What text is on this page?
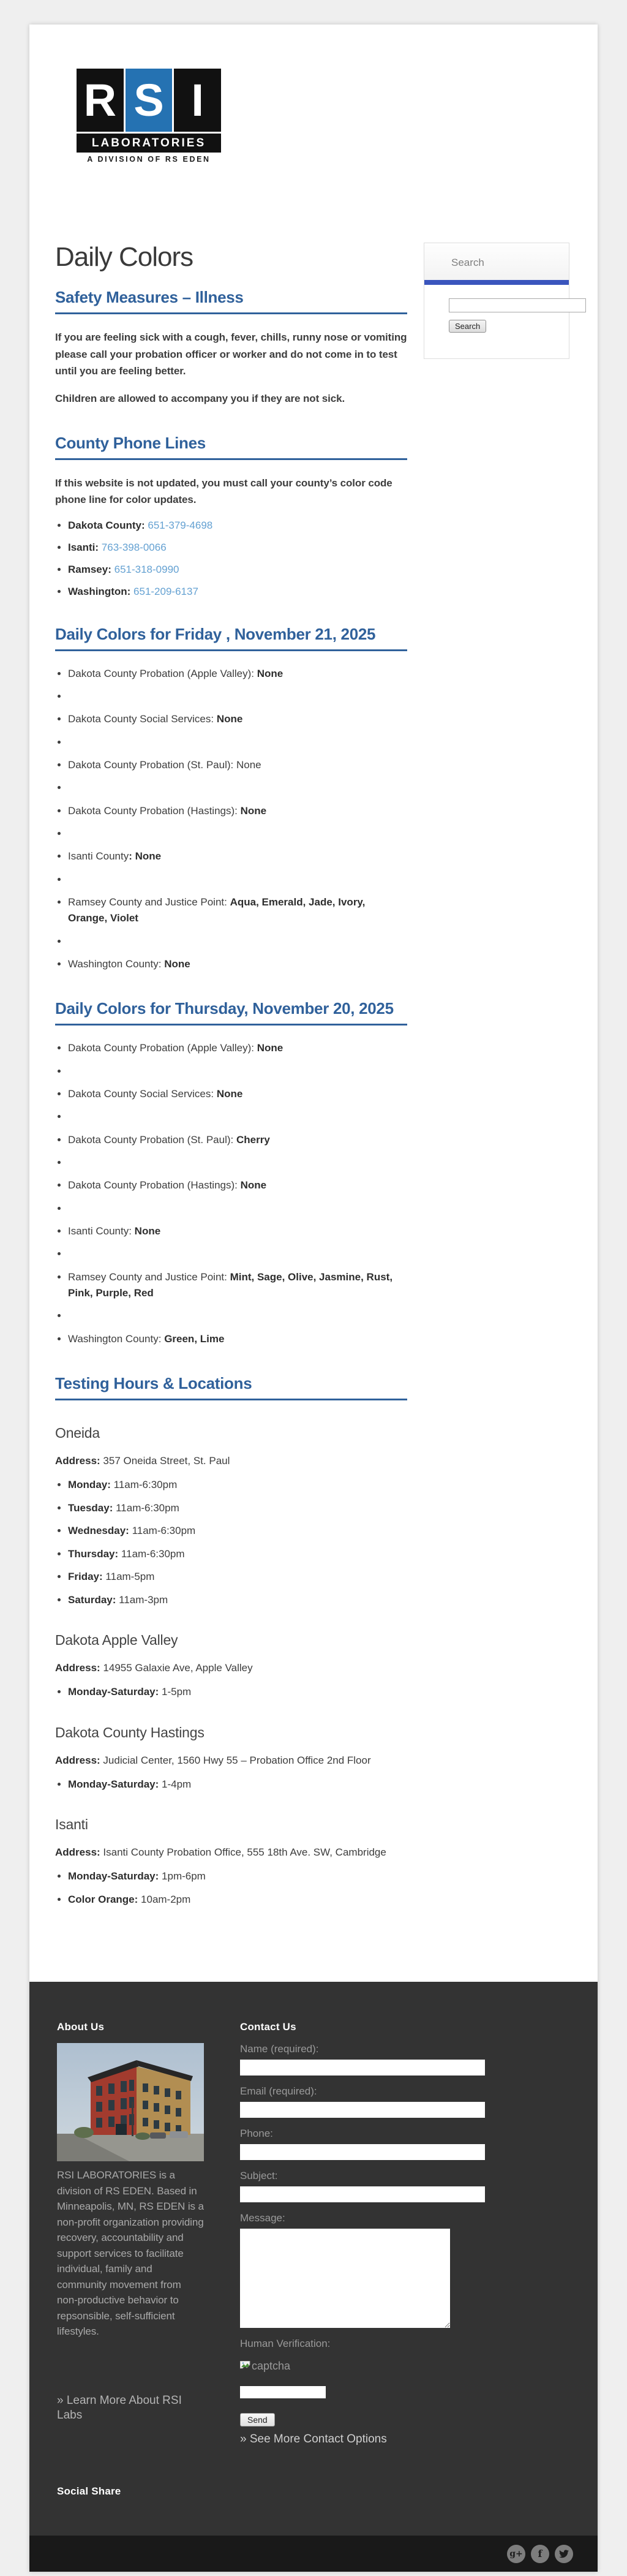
R S I
LABORATORIES
A DIVISION OF RS EDEN
Daily Colors
Safety Measures – Illness

If you are feeling sick with a cough, fever, chills, runny nose or vomiting please call your probation officer or worker and do not come in to test until you are feeling better.

Children are allowed to accompany you if they are not sick.

County Phone Lines

If this website is not updated, you must call your county’s color code phone line for color updates.

• Dakota County: 651-379-4698
• Isanti: 763-398-0066
• Ramsey: 651-318-0990
• Washington: 651-209-6137
Daily Colors for Friday , November 21, 2025
• Dakota County Probation (Apple Valley): None
•
• Dakota County Social Services: None
•
• Dakota County Probation (St. Paul): None
•
• Dakota County Probation (Hastings): None
•
• Isanti County: None
•
• Ramsey County and Justice Point: Aqua, Emerald, Jade, Ivory, Orange, Violet
•
• Washington County: None
Daily Colors for Thursday, November 20, 2025
• Dakota County Probation (Apple Valley): None
•
• Dakota County Social Services: None
•
• Dakota County Probation (St. Paul): Cherry
•
• Dakota County Probation (Hastings): None
•
• Isanti County: None
•
• Ramsey County and Justice Point: Mint, Sage, Olive, Jasmine, Rust, Pink, Purple, Red
•
• Washington County: Green, Lime
Testing Hours & Locations
Oneida

Address: 357 Oneida Street, St. Paul

• Monday: 11am-6:30pm
• Tuesday: 11am-6:30pm
• Wednesday: 11am-6:30pm
• Thursday: 11am-6:30pm
• Friday: 11am-5pm
• Saturday: 11am-3pm
Dakota Apple Valley

Address: 14955 Galaxie Ave, Apple Valley

• Monday-Saturday: 1-5pm
Dakota County Hastings

Address: Judicial Center, 1560 Hwy 55 – Probation Office 2nd Floor

• Monday-Saturday: 1-4pm
Isanti

Address: Isanti County Probation Office, 555 18th Ave. SW, Cambridge

• Monday-Saturday: 1pm-6pm
• Color Orange: 10am-2pm
Search

Search
About Us

RSI LABORATORIES is a division of RS EDEN. Based in Minneapolis, MN, RS EDEN is a non-profit organization providing recovery, accountability and support services to facilitate individual, family and community movement from non-productive behavior to repsonsible, self-sufficient lifestyles.

» Learn More About RSI Labs
Contact Us
Name (required):
Email (required):
Phone:
Subject:
Message:
Human Verification:
captcha
Send
» See More Contact Options
Social Share
g+ f
